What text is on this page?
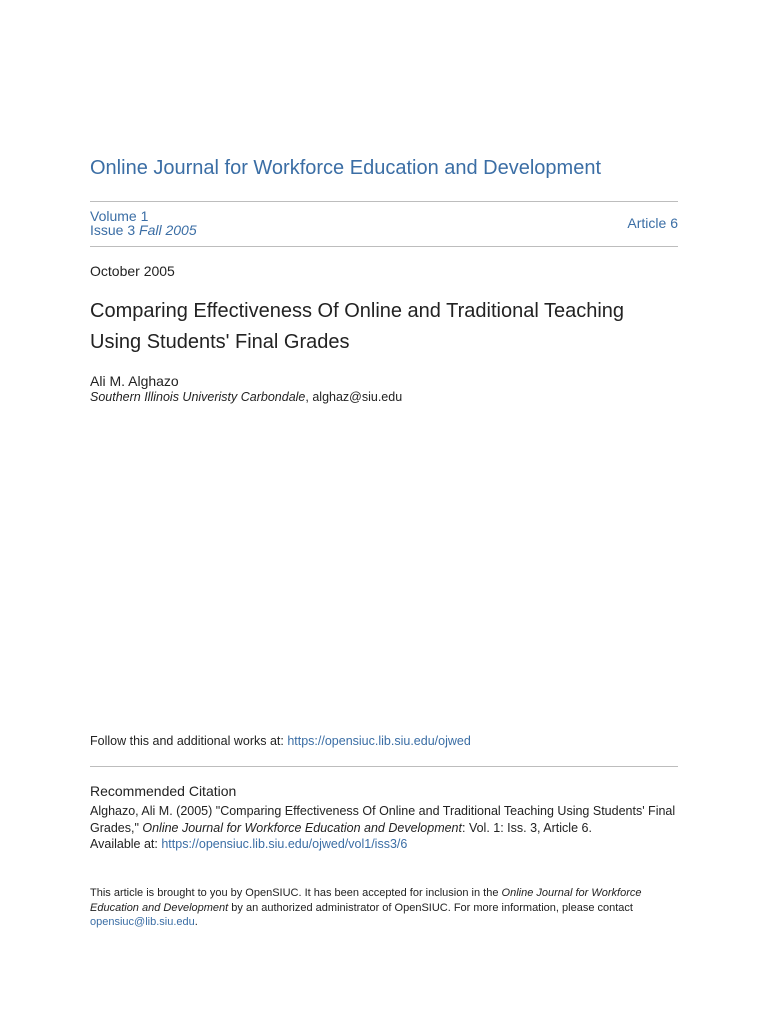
Online Journal for Workforce Education and Development
Volume 1
Issue 3 Fall 2005	Article 6
October 2005
Comparing Effectiveness Of Online and Traditional Teaching Using Students' Final Grades
Ali M. Alghazo
Southern Illinois Univeristy Carbondale, alghaz@siu.edu
Follow this and additional works at: https://opensiuc.lib.siu.edu/ojwed
Recommended Citation
Alghazo, Ali M. (2005) "Comparing Effectiveness Of Online and Traditional Teaching Using Students' Final Grades," Online Journal for Workforce Education and Development: Vol. 1: Iss. 3, Article 6.
Available at: https://opensiuc.lib.siu.edu/ojwed/vol1/iss3/6
This article is brought to you by OpenSIUC. It has been accepted for inclusion in the Online Journal for Workforce Education and Development by an authorized administrator of OpenSIUC. For more information, please contact opensiuc@lib.siu.edu.
